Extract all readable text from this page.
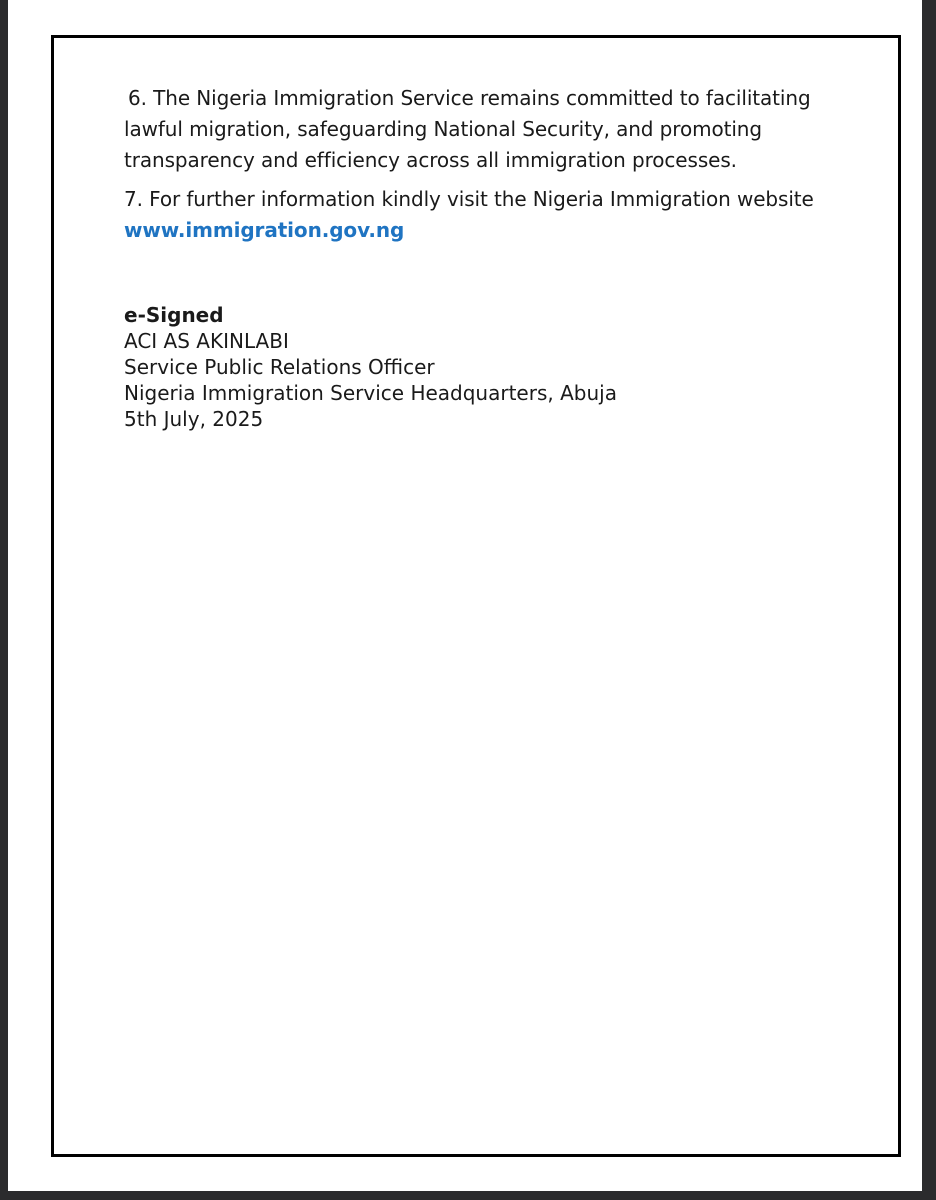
6. The Nigeria Immigration Service remains committed to facilitating lawful migration, safeguarding National Security, and promoting transparency and efficiency across all immigration processes.

7. For further information kindly visit the Nigeria Immigration website www.immigration.gov.ng

e-Signed
ACI AS AKINLABI
Service Public Relations Officer
Nigeria Immigration Service Headquarters, Abuja
5th July, 2025
